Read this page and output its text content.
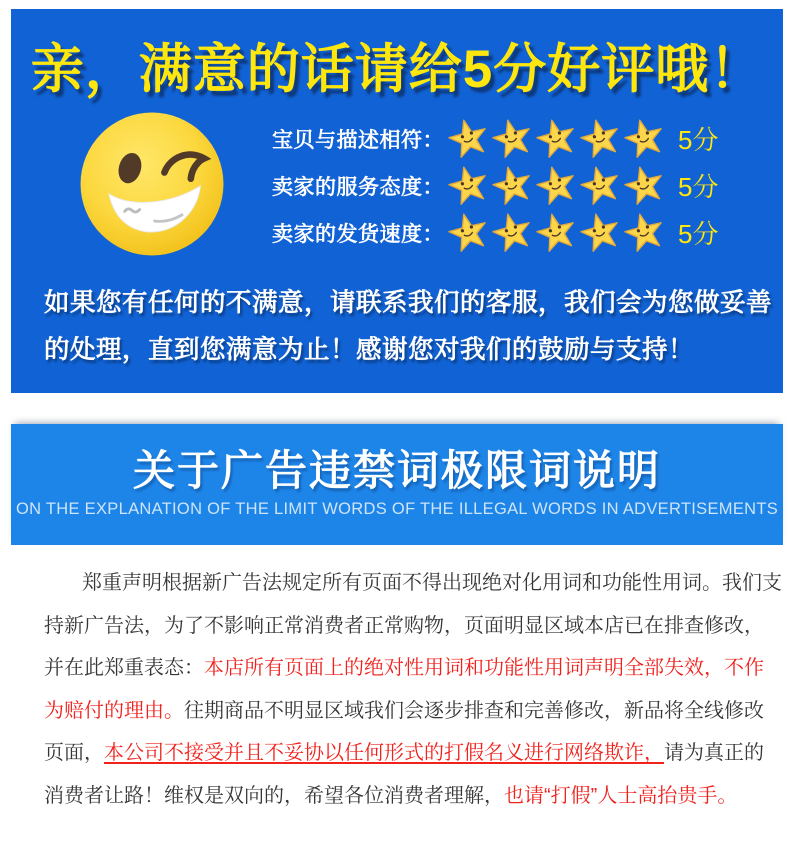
亲，满意的话请给5分好评哦！
宝贝与描述相符：	5分
卖家的服务态度：	5分
卖家的发货速度：	5分
如果您有任何的不满意，请联系我们的客服，我们会为您做妥善
的处理，直到您满意为止！感谢您对我们的鼓励与支持！
关于广告违禁词极限词说明
ON THE EXPLANATION OF THE LIMIT WORDS OF THE ILLEGAL WORDS IN ADVERTISEMENTS
郑重声明根据新广告法规定所有页面不得出现绝对化用词和功能性用词。我们支
持新广告法，为了不影响正常消费者正常购物，页面明显区域本店已在排查修改，
并在此郑重表态：本店所有页面上的绝对性用词和功能性用词声明全部失效，不作
为赔付的理由。往期商品不明显区域我们会逐步排查和完善修改，新品将全线修改
页面，本公司不接受并且不妥协以任何形式的打假名义进行网络欺诈，请为真正的
消费者让路！维权是双向的，希望各位消费者理解，也请“打假”人士高抬贵手。
